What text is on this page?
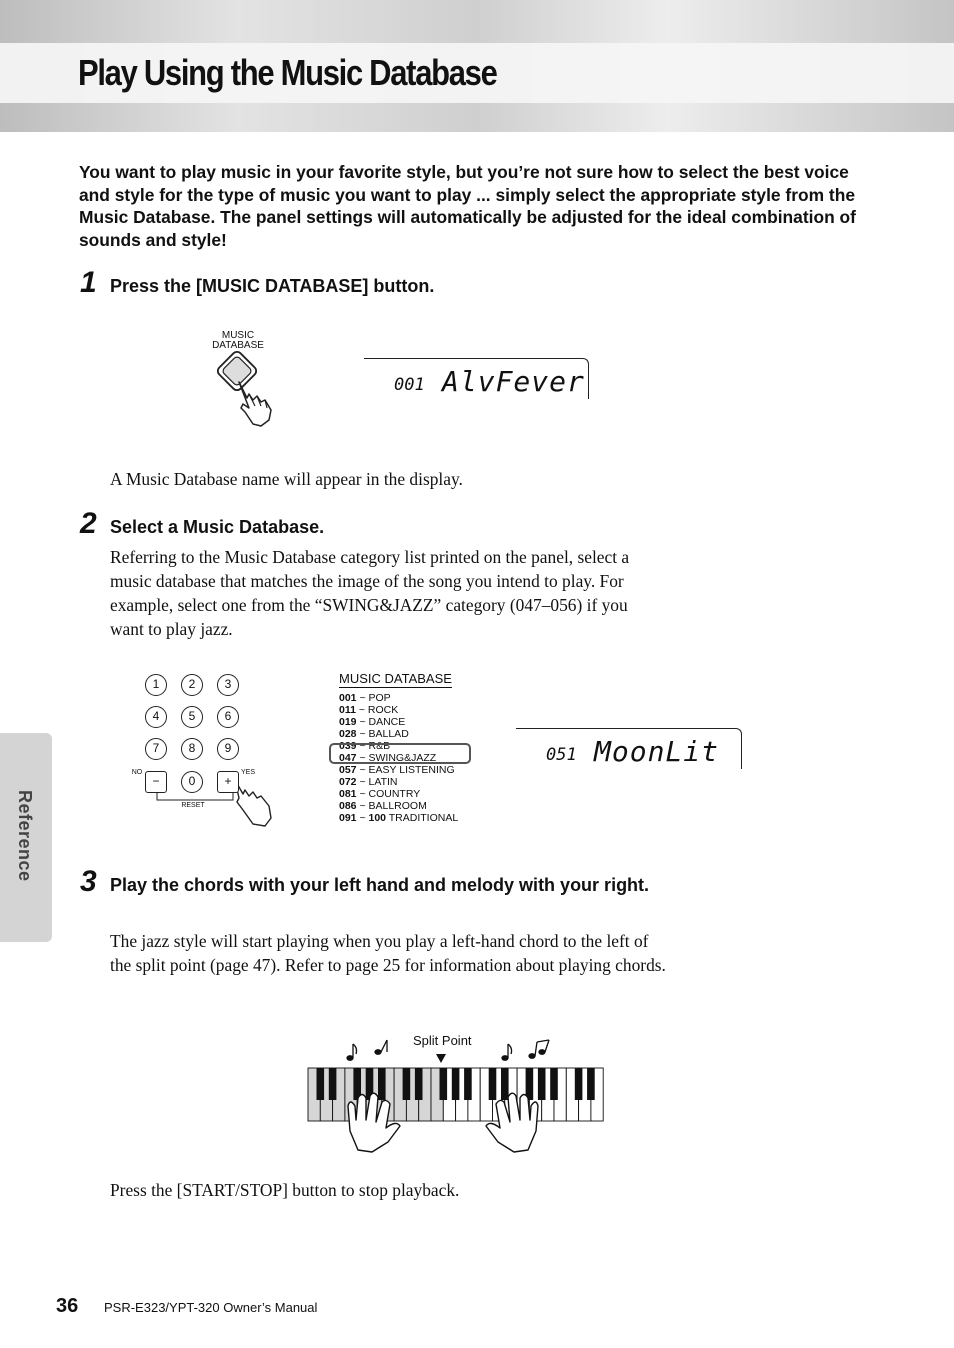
Play Using the Music Database

You want to play music in your favorite style, but you’re not sure how to select the best voice and style for the type of music you want to play ... simply select the appropriate style from the Music Database. The panel settings will automatically be adjusted for the ideal combination of sounds and style!

1 Press the [MUSIC DATABASE] button.

MUSIC
DATABASE
001 AlvFever

A Music Database name will appear in the display.

2 Select a Music Database.

Referring to the Music Database category list printed on the panel, select a music database that matches the image of the song you intend to play. For example, select one from the “SWING&JAZZ” category (047–056) if you want to play jazz.

NO	YES
RESET
1	2	3
4	5	6
7	8	9
−	0	+
MUSIC DATABASE
001 ~ POP
011 ~ ROCK
019 ~ DANCE
028 ~ BALLAD
039 ~ R&B
047 ~ SWING&JAZZ
057 ~ EASY LISTENING
072 ~ LATIN
081 ~ COUNTRY
086 ~ BALLROOM
091 ~ 100 TRADITIONAL
051 MoonLit
3 Play the chords with your left hand and melody with your right.

The jazz style will start playing when you play a left-hand chord to the left of the split point (page 47). Refer to page 25 for information about playing chords.

Split Point

Press the [START/STOP] button to stop playback.

Reference
36 PSR-E323/YPT-320 Owner’s Manual
